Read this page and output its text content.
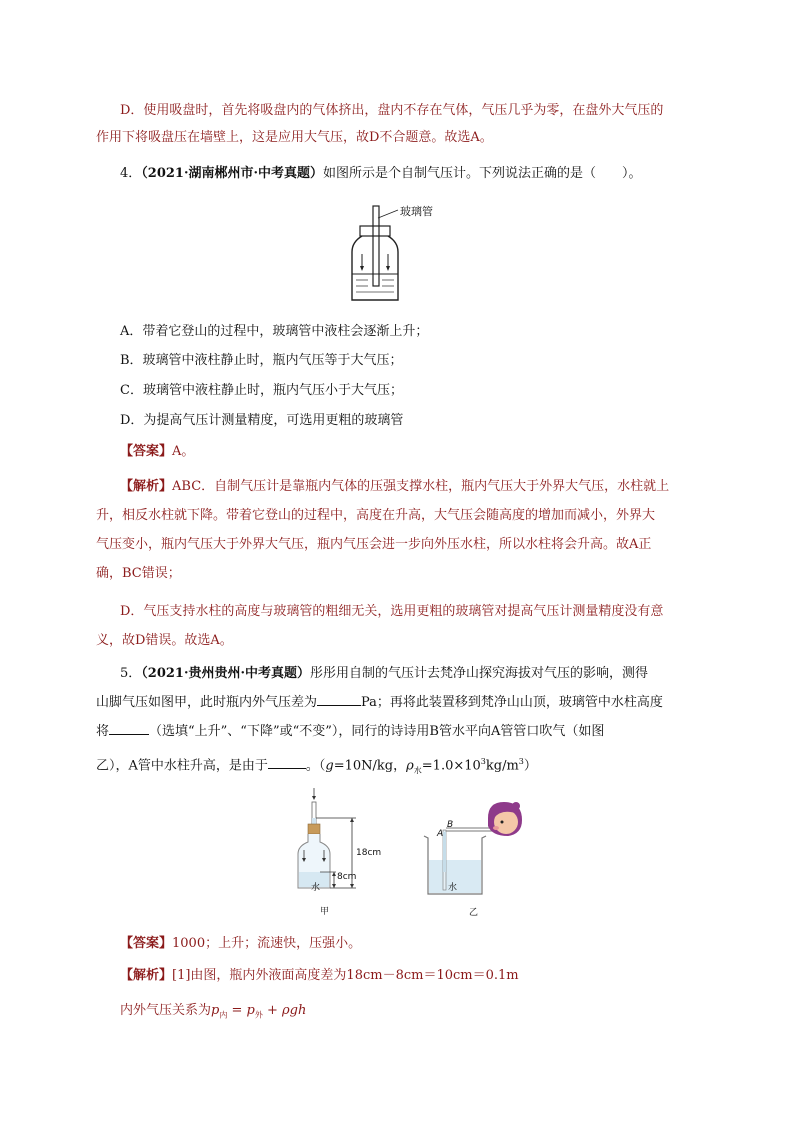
D．使用吸盘时，首先将吸盘内的气体挤出，盘内不存在气体，气压几乎为零，在盘外大气压的
作用下将吸盘压在墙壁上，这是应用大气压，故D不合题意。故选A。
4．（2021·湖南郴州市·中考真题）如图所示是个自制气压计。下列说法正确的是（　　）。
玻璃管
A．带着它登山的过程中，玻璃管中液柱会逐渐上升；
B．玻璃管中液柱静止时，瓶内气压等于大气压；
C．玻璃管中液柱静止时，瓶内气压小于大气压；
D．为提高气压计测量精度，可选用更粗的玻璃管
【答案】A。
【解析】ABC．自制气压计是靠瓶内气体的压强支撑水柱，瓶内气压大于外界大气压，水柱就上
升，相反水柱就下降。带着它登山的过程中，高度在升高，大气压会随高度的增加而减小，外界大
气压变小，瓶内气压大于外界大气压，瓶内气压会进一步向外压水柱，所以水柱将会升高。故A正
确，BC错误；
D．气压支持水柱的高度与玻璃管的粗细无关，选用更粗的玻璃管对提高气压计测量精度没有意
义，故D错误。故选A。
5．（2021·贵州贵州·中考真题）彤彤用自制的气压计去梵净山探究海拔对气压的影响，测得
山脚气压如图甲，此时瓶内外气压差为	Pa；再将此装置移到梵净山山顶，玻璃管中水柱高度
将	（选填“上升”、“下降”或“不变”），同行的诗诗用B管水平向A管管口吹气（如图
乙），A管中水柱升高，是由于	。（g=10N/kg，$\rho_水=1.0\times 10^3kg/m^3$）
18cm
8cm
水
甲
B
A
水
乙
【答案】1000；上升；流速快，压强小。
【解析】[1]由图，瓶内外液面高度差为18cm－8cm＝10cm＝0.1m
内外气压关系为$p_内 = p_外 + \rho gh$
